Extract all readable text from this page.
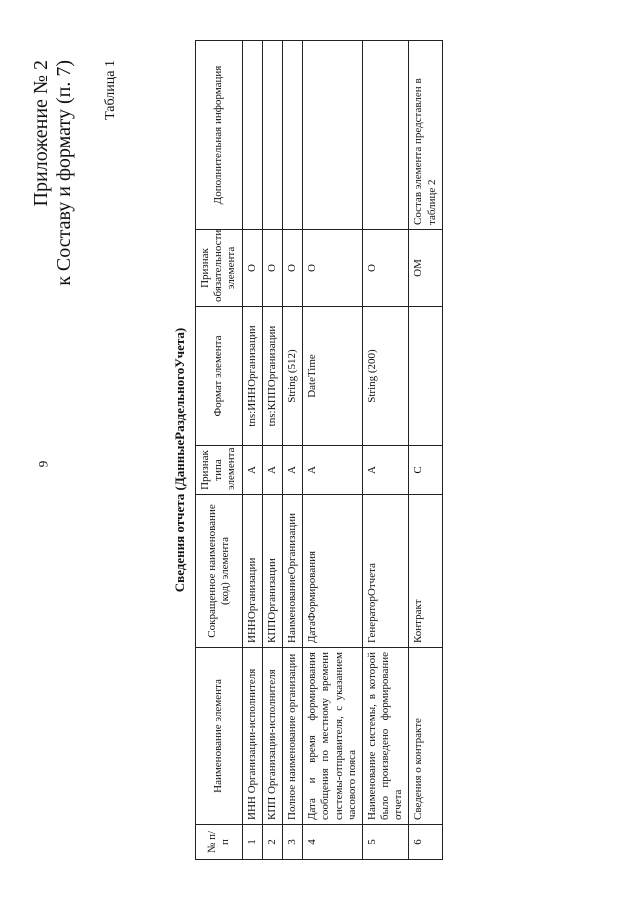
9
Приложение № 2 к Составу и формату (п. 7) Таблица 1
Сведения отчета (ДанныеРаздельногоУчета)
№ п/п	Наименование элемента	Сокращенное наименование (код) элемента	Признак типа элемента	Формат элемента	Признак обязательности элемента	Дополнительная информация
1	ИНН Организации-исполнителя	ИННОрганизации	А	tns:ИННОрганизации	О	
2	КПП Организации-исполнителя	КППОрганизации	А	tns:КППОрганизации	О	
3	Полное наименование организации	НаименованиеОрганизации	А	String (512)	О	
4	Дата и время формирования сообщения по местному времени системы-отправителя, с указанием часового пояса	ДатаФормирования	А	DateTime	О	
5	Наименование системы, в которой было произведено формирование отчета	ГенераторОтчета	А	String (200)	О	
6	Сведения о контракте	Контракт	С		ОМ	Состав элемента представлен в таблице 2
